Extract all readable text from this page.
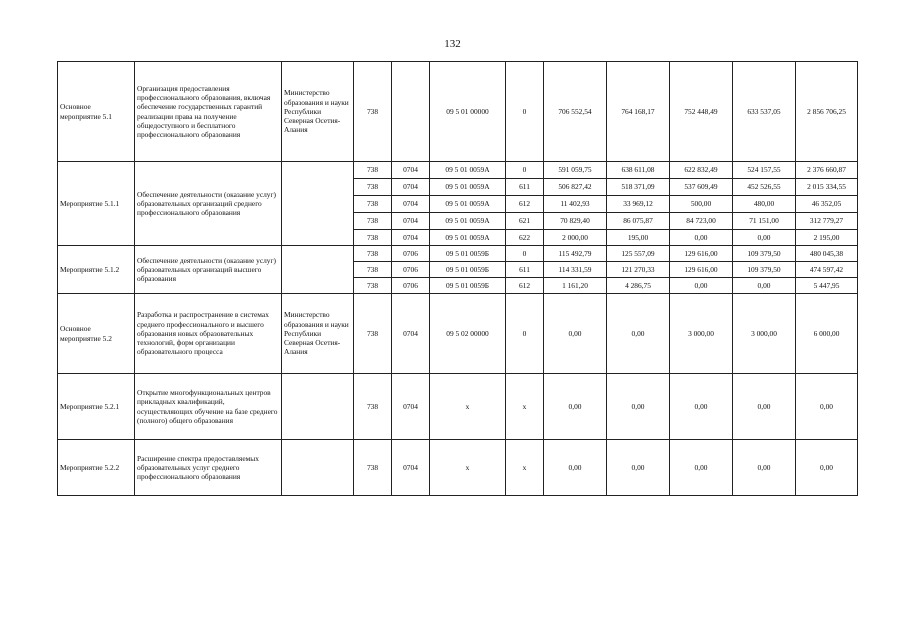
132
Основное мероприятие 5.1	Организация предоставления профессионального образования, включая обеспечение государственных гарантий реализации права на получение общедоступного и бесплатного профессионального образования	Министерство образования и науки Республики Северная Осетия-Алания	738		09 5 01 00000	0	706 552,54	764 168,17	752 448,49	633 537,05	2 856 706,25
Мероприятие 5.1.1	Обеспечение деятельности (оказание услуг) образовательных организаций среднего профессионального образования		738	0704	09 5 01 0059А	0	591 059,75	638 611,08	622 832,49	524 157,55	2 376 660,87
			738	0704	09 5 01 0059А	611	506 827,42	518 371,09	537 609,49	452 526,55	2 015 334,55
			738	0704	09 5 01 0059А	612	11 402,93	33 969,12	500,00	480,00	46 352,05
			738	0704	09 5 01 0059А	621	70 829,40	86 075,87	84 723,00	71 151,00	312 779,27
			738	0704	09 5 01 0059А	622	2 000,00	195,00	0,00	0,00	2 195,00
Мероприятие 5.1.2	Обеспечение деятельности (оказание услуг) образовательных организаций высшего образования		738	0706	09 5 01 0059Б	0	115 492,79	125 557,09	129 616,00	109 379,50	480 045,38
			738	0706	09 5 01 0059Б	611	114 331,59	121 270,33	129 616,00	109 379,50	474 597,42
			738	0706	09 5 01 0059Б	612	1 161,20	4 286,75	0,00	0,00	5 447,95
Основное мероприятие 5.2	Разработка и распространение в системах среднего профессионального и высшего образования новых образовательных технологий, форм организации образовательного процесса	Министерство образования и науки Республики Северная Осетия-Алания	738	0704	09 5 02 00000	0	0,00	0,00	3 000,00	3 000,00	6 000,00
Мероприятие 5.2.1	Открытие многофункциональных центров прикладных квалификаций, осуществляющих обучение на базе среднего (полного) общего образования		738	0704	х	х	0,00	0,00	0,00	0,00	0,00
Мероприятие 5.2.2	Расширение спектра предоставляемых образовательных услуг среднего профессионального образования		738	0704	х	х	0,00	0,00	0,00	0,00	0,00
